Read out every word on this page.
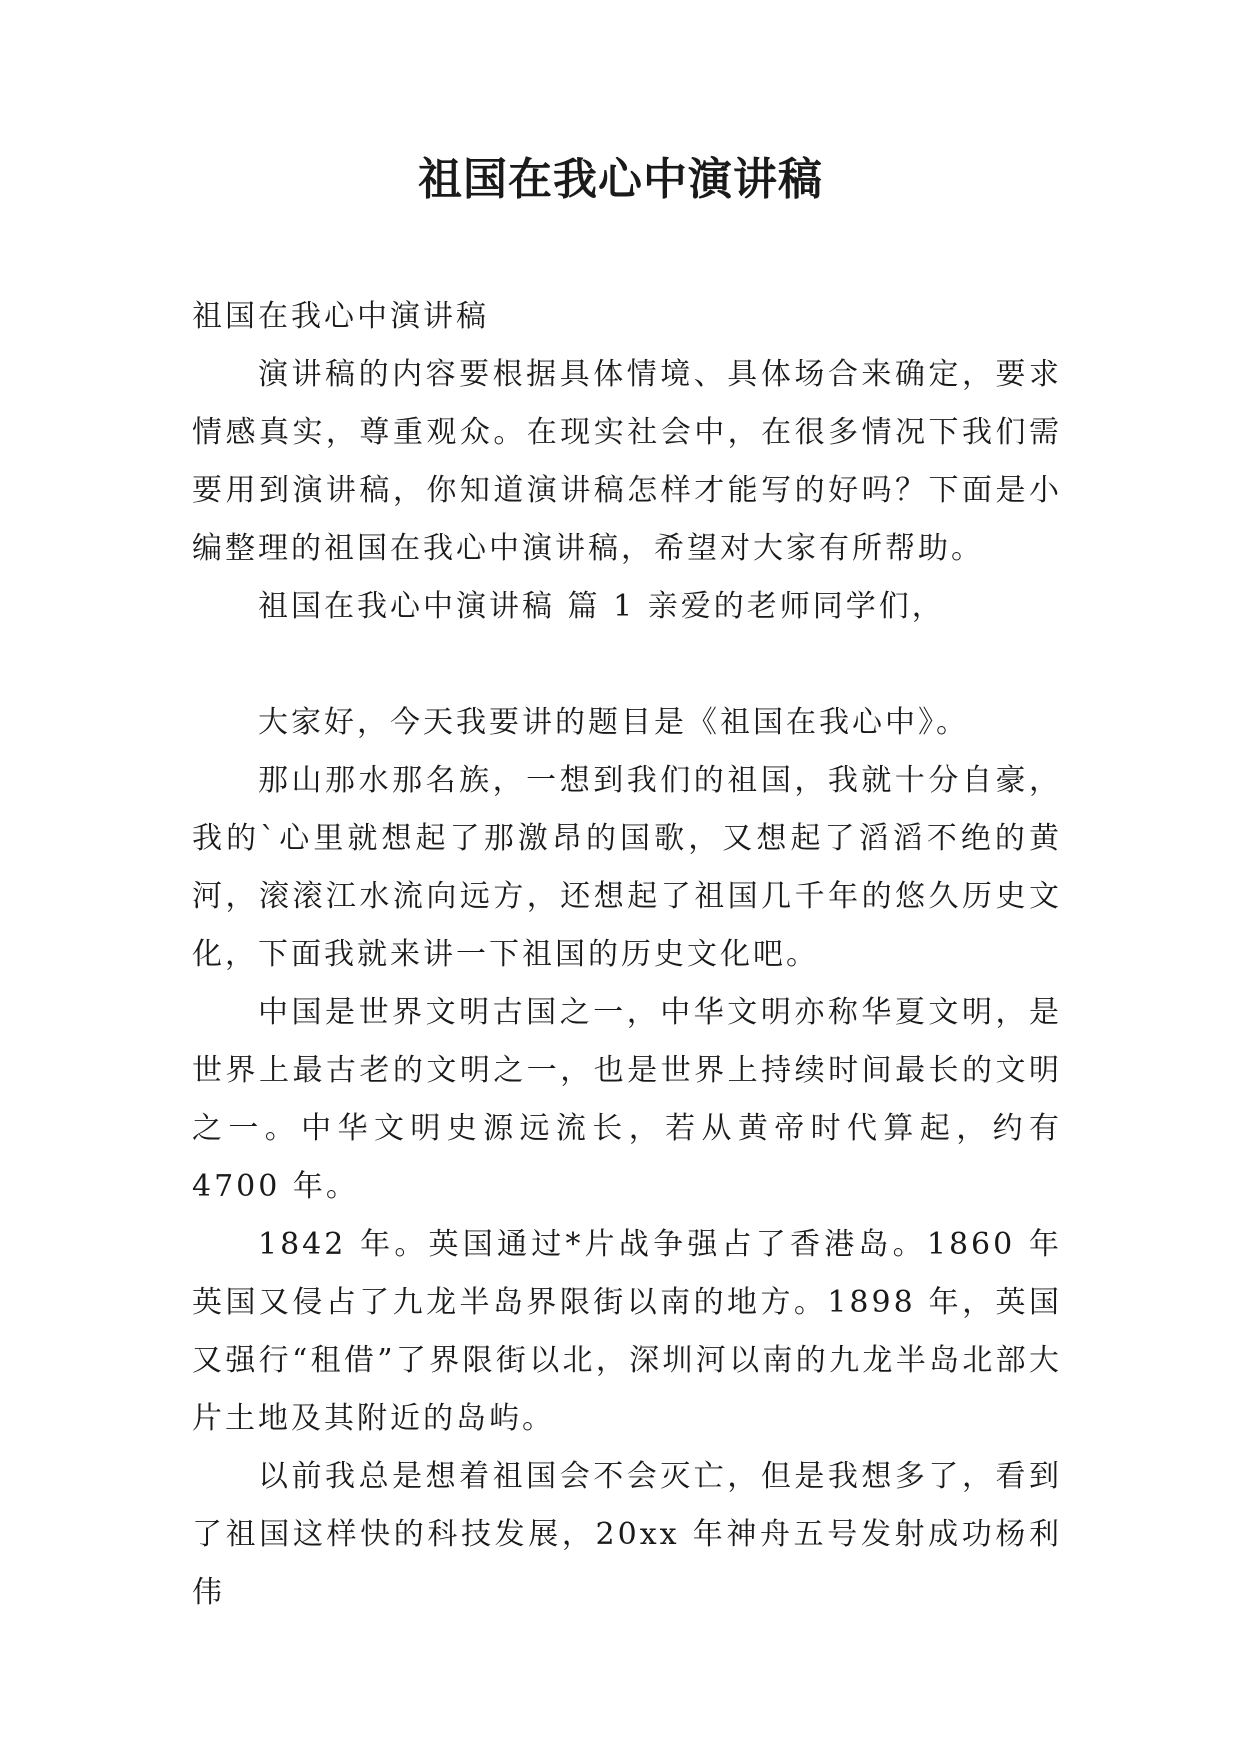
祖国在我心中演讲稿

祖国在我心中演讲稿

演讲稿的内容要根据具体情境、具体场合来确定，要求情感真实，尊重观众。在现实社会中，在很多情况下我们需要用到演讲稿，你知道演讲稿怎样才能写的好吗？下面是小编整理的祖国在我心中演讲稿，希望对大家有所帮助。

祖国在我心中演讲稿 篇 1 亲爱的老师同学们，

大家好，今天我要讲的题目是《祖国在我心中》。

那山那水那名族，一想到我们的祖国，我就十分自豪，我的`心里就想起了那激昂的国歌，又想起了滔滔不绝的黄河，滚滚江水流向远方，还想起了祖国几千年的悠久历史文化，下面我就来讲一下祖国的历史文化吧。

中国是世界文明古国之一，中华文明亦称华夏文明，是世界上最古老的文明之一，也是世界上持续时间最长的文明之一。中华文明史源远流长，若从黄帝时代算起，约有 4700 年。

1842 年。英国通过*片战争强占了香港岛。1860 年英国又侵占了九龙半岛界限街以南的地方。1898 年，英国又强行“租借”了界限街以北，深圳河以南的九龙半岛北部大片土地及其附近的岛屿。

以前我总是想着祖国会不会灭亡，但是我想多了，看到了祖国这样快的科技发展，20xx 年神舟五号发射成功杨利伟
